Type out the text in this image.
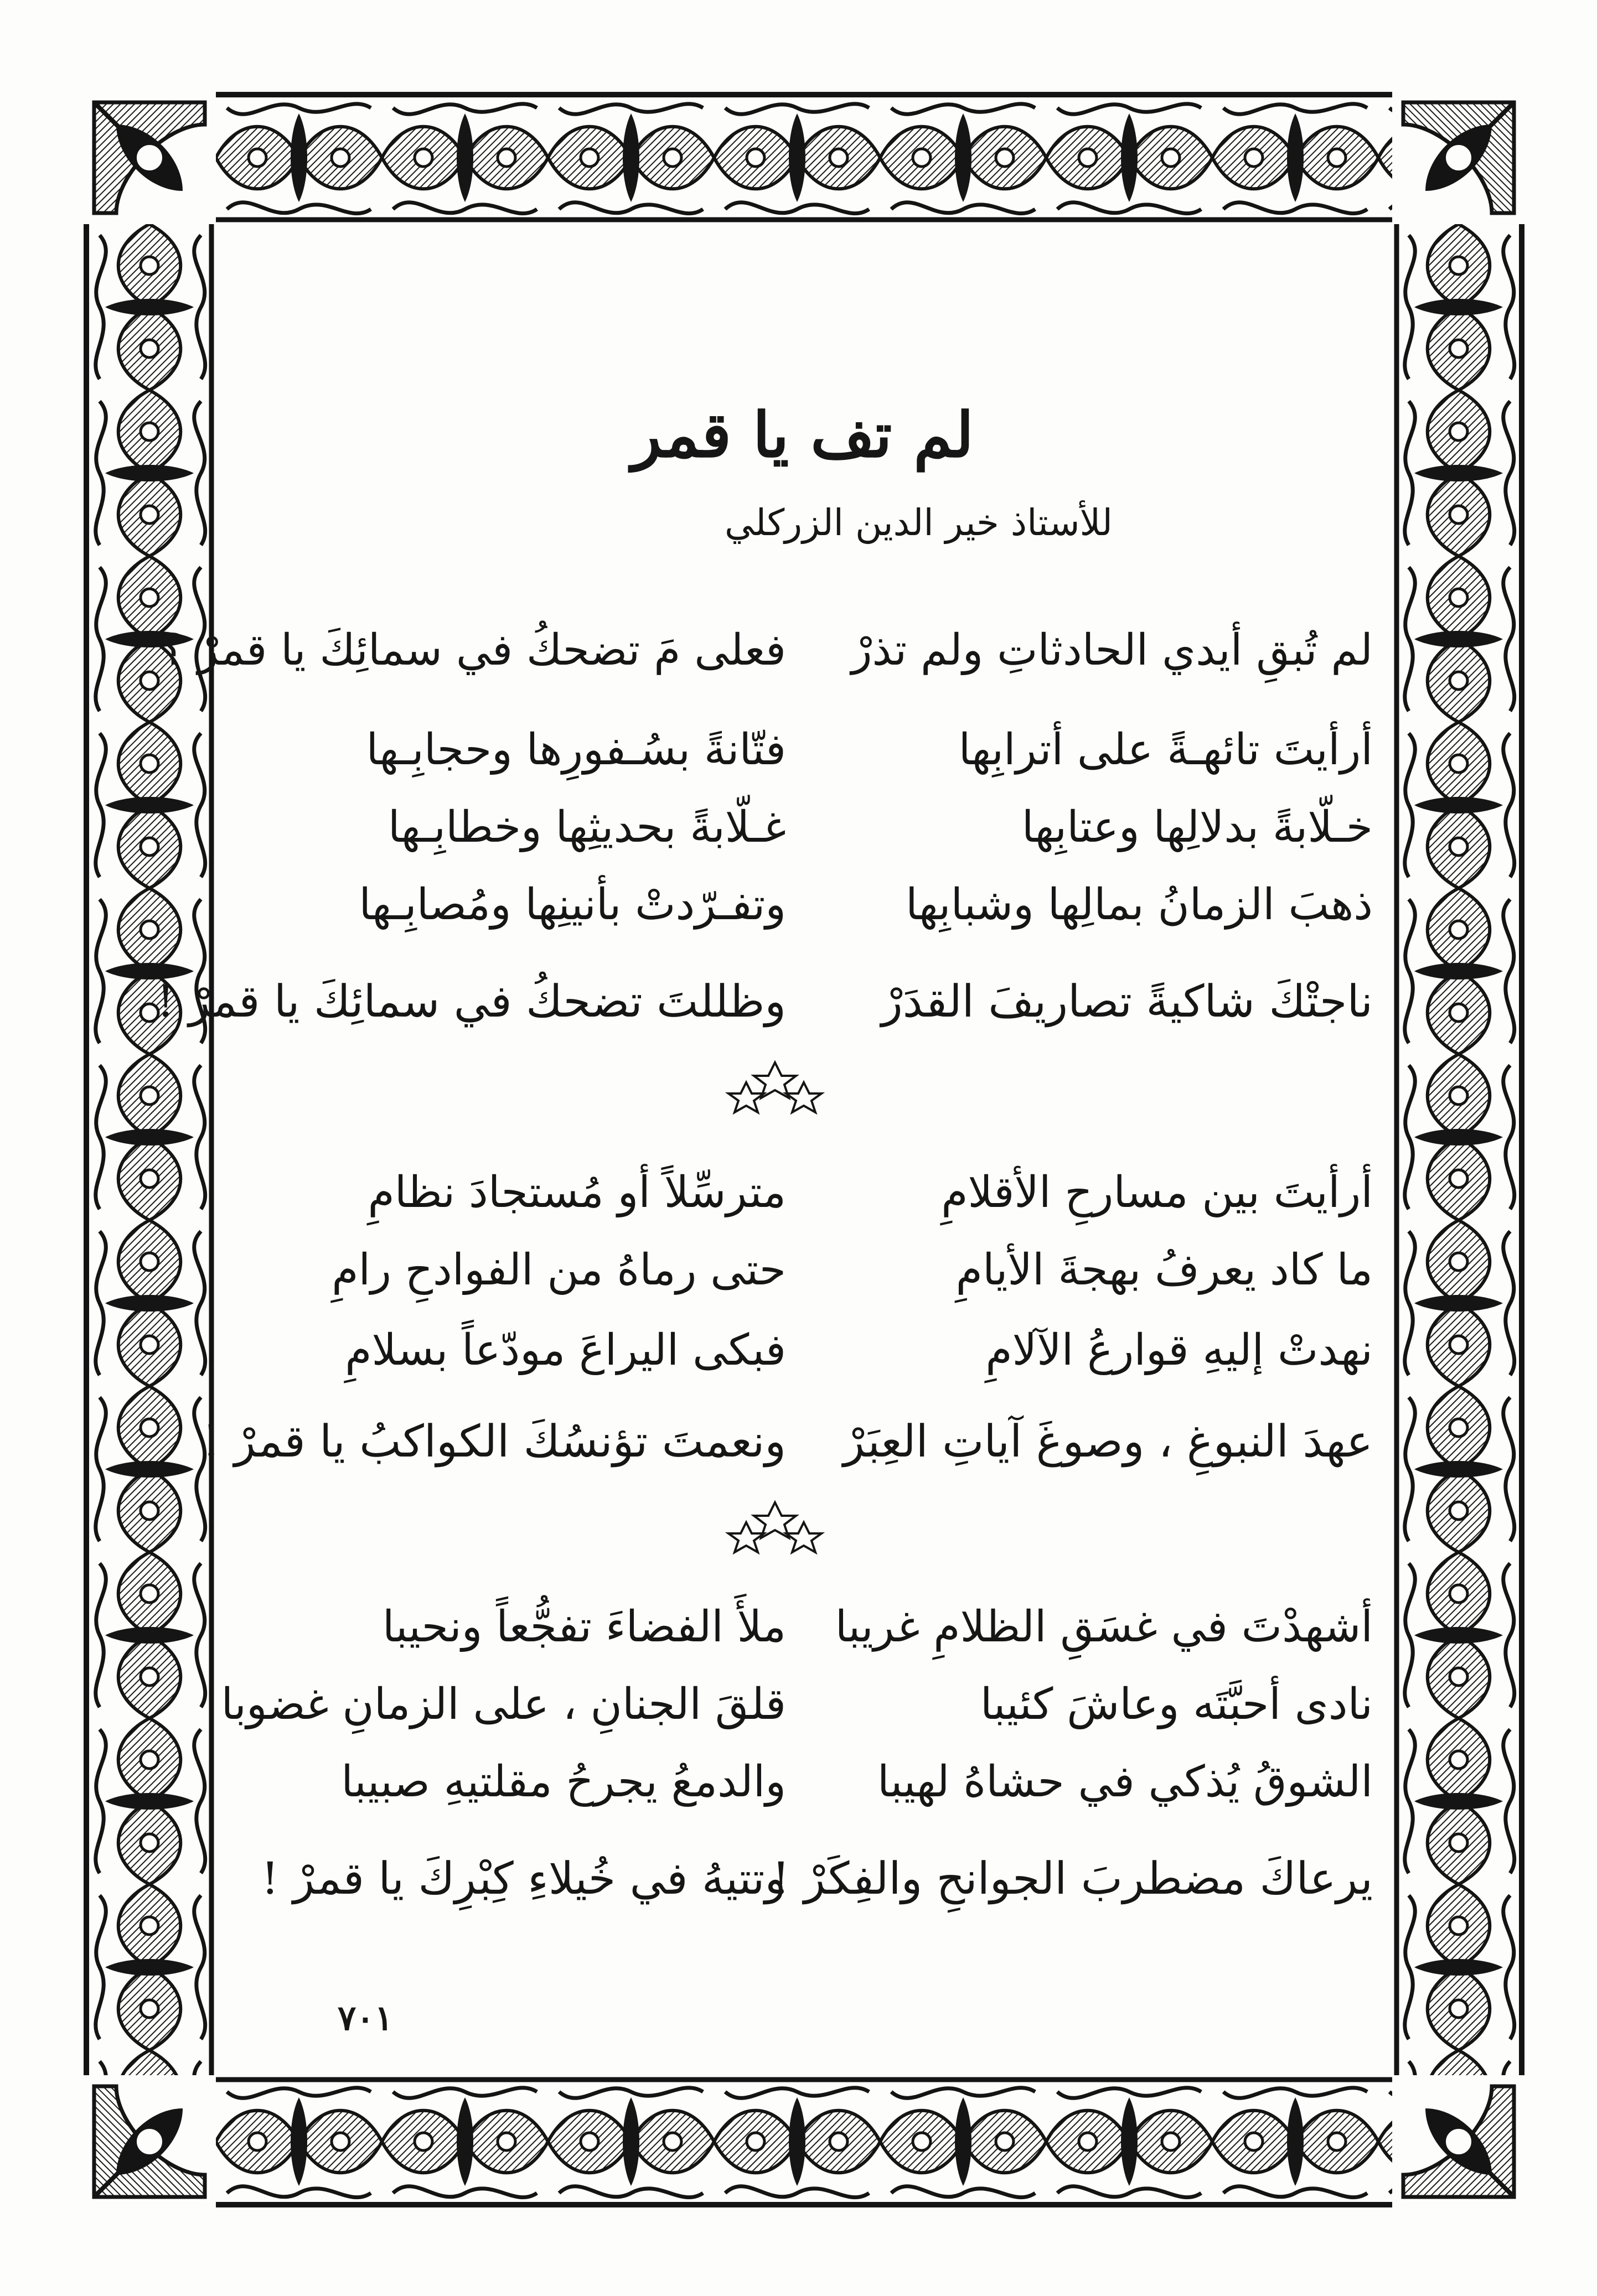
لم تف يا قمر
للأستاذ خير الدين الزركلي
لم تُبقِ أيدي الحادثاتِ ولم تذرْ
فعلى مَ تضحكُ في سمائِكَ يا قمرْ ؟
أرأيتَ تائهـةً على أترابِها
فتّانةً بسُـفورِها وحجابِـها
خـلّابةً بدلالِها وعتابِها
غـلّابةً بحديثِها وخطابِـها
ذهبَ الزمانُ بمالِها وشبابِها
وتفـرّدتْ بأنينِها ومُصابِـها
ناجتْكَ شاكيةً تصاريفَ القدَرْ
وظللتَ تضحكُ في سمائِكَ يا قمرْ !
أرأيتَ بين مسارحِ الأقلامِ
مترسِّلاً أو مُستجادَ نظامِ
ما كاد يعرفُ بهجةَ الأيامِ
حتى رماهُ من الفوادحِ رامِ
نهدتْ إليهِ قوارعُ الآلامِ
فبكى اليراعَ مودّعاً بسلامِ
عهدَ النبوغِ ، وصوغَ آياتِ العِبَرْ
ونعمتَ تؤنسُكَ الكواكبُ يا قمرْ !
أشهدْتَ في غسَقِ الظلامِ غريبا
ملأَ الفضاءَ تفجُّعاً ونحيبا
نادى أحبَّتَه وعاشَ كئيبا
قلقَ الجنانِ ، على الزمانِ غضوبا
الشوقُ يُذكي في حشاهُ لهيبا
والدمعُ يجرحُ مقلتيهِ صبيبا
يرعاكَ مضطربَ الجوانحِ والفِكَرْ !
وتتيهُ في خُيلاءِ كِبْرِكَ يا قمرْ !
٧٠١
